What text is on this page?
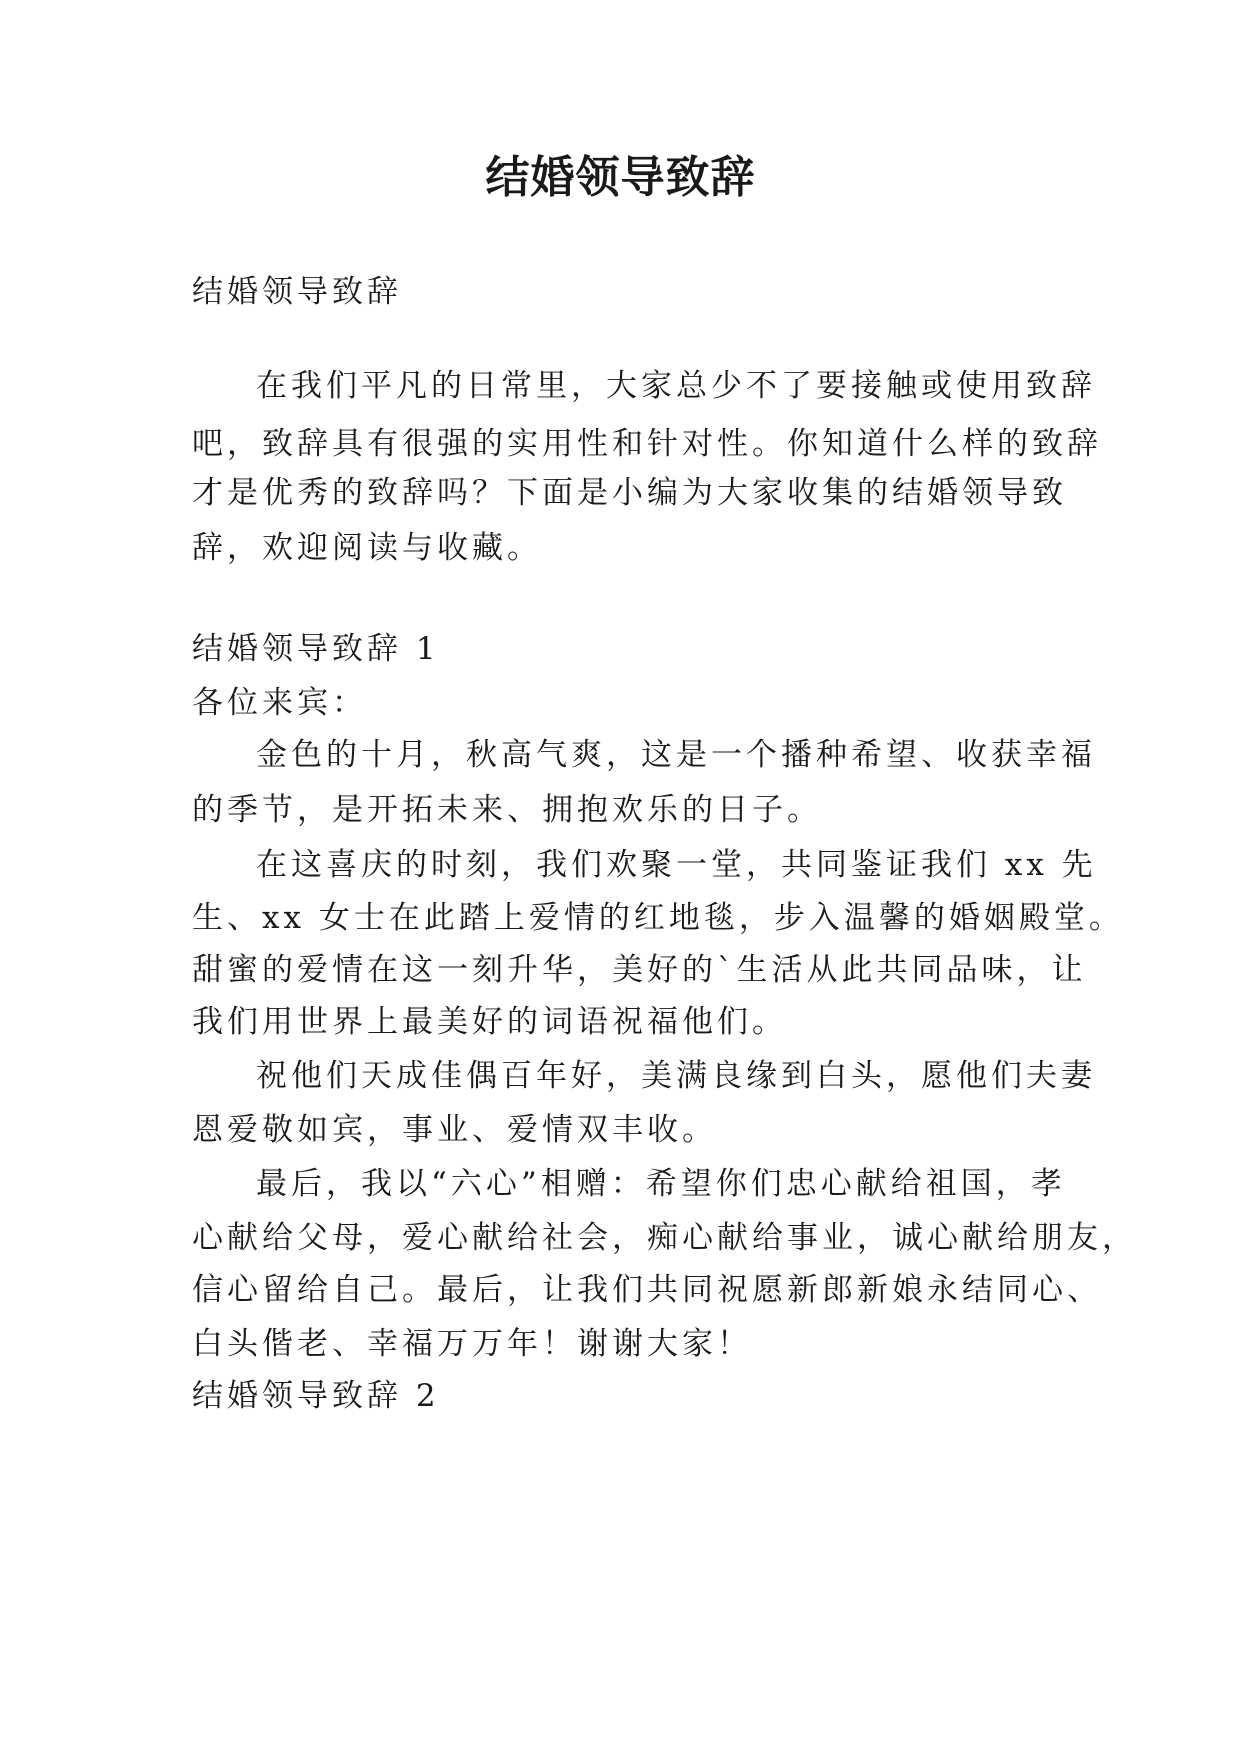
结婚领导致辞

结婚领导致辞

在我们平凡的日常里，大家总少不了要接触或使用致辞

吧，致辞具有很强的实用性和针对性。你知道什么样的致辞

才是优秀的致辞吗？下面是小编为大家收集的结婚领导致

辞，欢迎阅读与收藏。

结婚领导致辞 1

各位来宾：

金色的十月，秋高气爽，这是一个播种希望、收获幸福

的季节，是开拓未来、拥抱欢乐的日子。

在这喜庆的时刻，我们欢聚一堂，共同鉴证我们 xx 先

生、xx 女士在此踏上爱情的红地毯，步入温馨的婚姻殿堂。

甜蜜的爱情在这一刻升华，美好的`生活从此共同品味，让

我们用世界上最美好的词语祝福他们。

祝他们天成佳偶百年好，美满良缘到白头，愿他们夫妻

恩爱敬如宾，事业、爱情双丰收。

最后，我以“六心”相赠：希望你们忠心献给祖国，孝

心献给父母，爱心献给社会，痴心献给事业，诚心献给朋友，

信心留给自己。最后，让我们共同祝愿新郎新娘永结同心、

白头偕老、幸福万万年！谢谢大家！

结婚领导致辞 2
